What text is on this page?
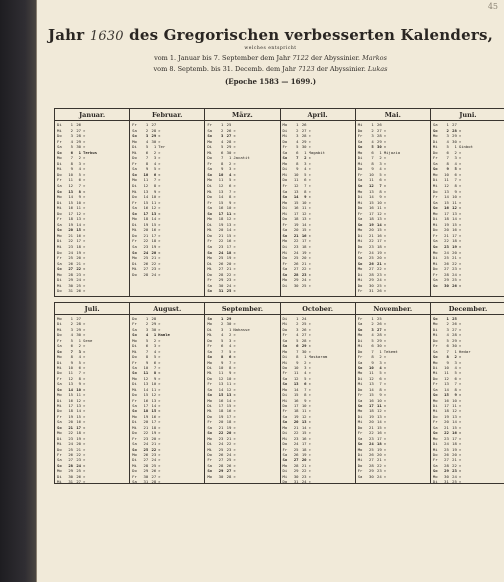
45
Jahr 1630 des Gregorischen verbesserten Kalenders,
welches entspricht
vom 1. Januar bis 7. September dem Jahr 7122 der Abyssinier. Markos
vom 8. Septemb. bis 31. Decemb. dem Jahr 7123 der Abyssinier. Lukas
(Epoche 1583 — 1699.)
Januar.
Di	1 26
Mi	2 27 »
Do	3 28 »
Fr	4 29 »
Sa	5 30 »
So	6	1 Terbus
Mo	7	2 »
Di	8	3 »
Mi	9	4 »
Do	10	5 »
Fr	11	6 »
Sa	12	7 »
So	13	8 »
Mo	14	9 »
Di	15 10 »
Mi	16 11 »
Do	17 12 »
Fr	18 13 »
Sa	19 14 »
So	20 15 »
Mo	21 16 »
Di	22 17 »
Mi	23 18 »
Do	24 19 »
Fr	25 20 »
Sa	26 21 »
So	27 22 »
Mo	28 23 »
Di	29 24 »
Mi	30 25 »
Do	31 26 »
Februar.
Fr	1 27
Sa	2 28 »
So	3 29 »
Mo	4 30 »
Di	5	1 Ter
Mi	6	2 »
Do	7	3 »
Fr	8	4 »
Sa	9	5 »
So	10	6 »
Mo	11	7 »
Di	12	8 »
Mi	13	9 »
Do	14 10 »
Fr	15 11 »
Sa	16 12 »
So	17 13 »
Mo	18 14 »
Di	19 15 »
Mi	20 16 »
Do	21 17 »
Fr	22 18 »
Sa	23 19 »
So	24 20 »
Mo	25 21 »
Di	26 22 »
Mi	27 23 »
Do	28 24 »
März.
Fr	1 25
Sa	2 26 »
So	3 27 »
Mo	4 28 »
Di	5 29 »
Mi	6 30 »
Do	7	1 Jacatit
Fr	8	2 »
Sa	9	3 »
So	10	4 »
Mo	11	5 »
Di	12	6 »
Mi	13	7 »
Do	14	8 »
Fr	15	9 »
Sa	16 10 »
So	17 11 »
Mo	18 12 »
Di	19 13 »
Mi	20 14 »
Do	21 15 »
Fr	22 16 »
Sa	23 17 »
So	24 18 »
Mo	25 19 »
Di	26 20 »
Mi	27 21 »
Do	28 22 »
Fr	29 23 »
Sa	30 24 »
So	31 25 »
April.
Mo	1 26
Di	2 27 »
Mi	3 28 »
Do	4 29 »
Fr	5 30 »
Sa	6	1 Magabit
So	7	2 »
Mo	8	3 »
Di	9	4 »
Mi	10	5 »
Do	11	6 »
Fr	12	7 »
Sa	13	8 »
So	14	9 »
Mo	15 10 »
Di	16 11 »
Mi	17 12 »
Do	18 13 »
Fr	19 14 »
Sa	20 15 »
So	21 16 »
Mo	22 17 »
Di	23 18 »
Mi	24 19 »
Do	25 20 »
Fr	26 21 »
Sa	27 22 »
So	28 23 »
Mo	29 24 »
Di	30 25 »
Mai.
Mi	1 26
Do	2 27 »
Fr	3 28 »
Sa	4 29 »
So	5 30 »
Mo	6	1 Mijazia
Di	7	2 »
Mi	8	3 »
Do	9	4 »
Fr	10	5 »
Sa	11	6 »
So	12	7 »
Mo	13	8 »
Di	14	9 »
Mi	15 10 »
Do	16 11 »
Fr	17 12 »
Sa	18 13 »
So	19 14 »
Mo	20 15 »
Di	21 16 »
Mi	22 17 »
Do	23 18 »
Fr	24 19 »
Sa	25 20 »
So	26 21 »
Mo	27 22 »
Di	28 23 »
Mi	29 24 »
Do	30 25 »
Fr	31 26 »
Juni.
Sa	1 27
So	2 28 »
Mo	3 29 »
Di	4 30 »
Mi	5	1 Ginbot
Do	6	2 »
Fr	7	3 »
Sa	8	4 »
So	9	5 »
Mo	10	6 »
Di	11	7 »
Mi	12	8 »
Do	13	9 »
Fr	14 10 »
Sa	15 11 »
So	16 12 »
Mo	17 13 »
Di	18 14 »
Mi	19 15 »
Do	20 16 »
Fr	21 17 »
Sa	22 18 »
So	23 19 »
Mo	24 20 »
Di	25 21 »
Mi	26 22 »
Do	27 23 »
Fr	28 24 »
Sa	29 25 »
So	30 26 »
Juli.
Mo	1 27
Di	2 28 »
Mi	3 29 »
Do	4 30 »
Fr	5	1 Sene
Sa	6	2 »
So	7	3 »
Mo	8	4 »
Di	9	5 »
Mi	10	6 »
Do	11	7 »
Fr	12	8 »
Sa	13	9 »
So	14 10 »
Mo	15 11 »
Di	16 12 »
Mi	17 13 »
Do	18 14 »
Fr	19 15 »
Sa	20 16 »
So	21 17 »
Mo	22 18 »
Di	23 19 »
Mi	24 20 »
Do	25 21 »
Fr	26 22 »
Sa	27 23 »
So	28 24 »
Mo	29 25 »
Di	30 26 »
Mi	31 27 »
August.
Do	1 28
Fr	2 29 »
Sa	3 30 »
So	4	1 Hamle
Mo	5	2 »
Di	6	3 »
Mi	7	4 »
Do	8	5 »
Fr	9	6 »
Sa	10	7 »
So	11	8 »
Mo	12	9 »
Di	13 10 »
Mi	14 11 »
Do	15 12 »
Fr	16 13 »
Sa	17 14 »
So	18 15 »
Mo	19 16 »
Di	20 17 »
Mi	21 18 »
Do	22 19 »
Fr	23 20 »
Sa	24 21 »
So	25 22 »
Mo	26 23 »
Di	27 24 »
Mi	28 25 »
Do	29 26 »
Fr	30 27 »
Sa	31 28 »
September.
So	1 29
Mo	2 30 »
Di	3	1 Nahasse
Mi	4	2 »
Do	5	3 »
Fr	6	4 »
Sa	7	5 »
So	8	6 »
Mo	9	7 »
Di	10	8 »
Mi	11	9 »
Do	12 10 »
Fr	13 11 »
Sa	14 12 »
So	15 13 »
Mo	16 14 »
Di	17 15 »
Mi	18 16 »
Do	19 17 »
Fr	20 18 »
Sa	21 19 »
So	22 20 »
Mo	23 21 »
Di	24 22 »
Mi	25 23 »
Do	26 24 »
Fr	27 25 »
Sa	28 26 »
So	29 27 »
Mo	30 28 »
October.
Di	1 24
Mi	2 25 »
Do	3 26 »
Fr	4 27 »
Sa	5 28 »
So	6 29 »
Mo	7 30 »
Di	8	1 Maskaram
Mi	9	2 »
Do	10	3 »
Fr	11	4 »
Sa	12	5 »
So	13	6 »
Mo	14	7 »
Di	15	8 »
Mi	16	9 »
Do	17 10 »
Fr	18 11 »
Sa	19 12 »
So	20 13 »
Mo	21 14 »
Di	22 15 »
Mi	23 16 »
Do	24 17 »
Fr	25 18 »
Sa	26 19 »
So	27 20 »
Mo	28 21 »
Di	29 22 »
Mi	30 23 »
Do	31 24 »
November.
Fr	1 25
Sa	2 26 »
So	3 27 »
Mo	4 28 »
Di	5 29 »
Mi	6 30 »
Do	7	1 Tekemt
Fr	8	2 »
Sa	9	3 »
So	10	4 »
Mo	11	5 »
Di	12	6 »
Mi	13	7 »
Do	14	8 »
Fr	15	9 »
Sa	16 10 »
So	17 11 »
Mo	18 12 »
Di	19 13 »
Mi	20 14 »
Do	21 15 »
Fr	22 16 »
Sa	23 17 »
So	24 18 »
Mo	25 19 »
Di	26 20 »
Mi	27 21 »
Do	28 22 »
Fr	29 23 »
Sa	30 24 »
December.
So	1 25
Mo	2 26 »
Di	3 27 »
Mi	4 28 »
Do	5 29 »
Fr	6 30 »
Sa	7	1 Hedar
So	8	2 »
Mo	9	3 »
Di	10	4 »
Mi	11	5 »
Do	12	6 »
Fr	13	7 »
Sa	14	8 »
So	15	9 »
Mo	16 10 »
Di	17 11 »
Mi	18 12 »
Do	19 13 »
Fr	20 14 »
Sa	21 15 »
So	22 16 »
Mo	23 17 »
Di	24 18 »
Mi	25 19 »
Do	26 20 »
Fr	27 21 »
Sa	28 22 »
So	29 23 »
Mo	30 24 »
Di	31 25 »
